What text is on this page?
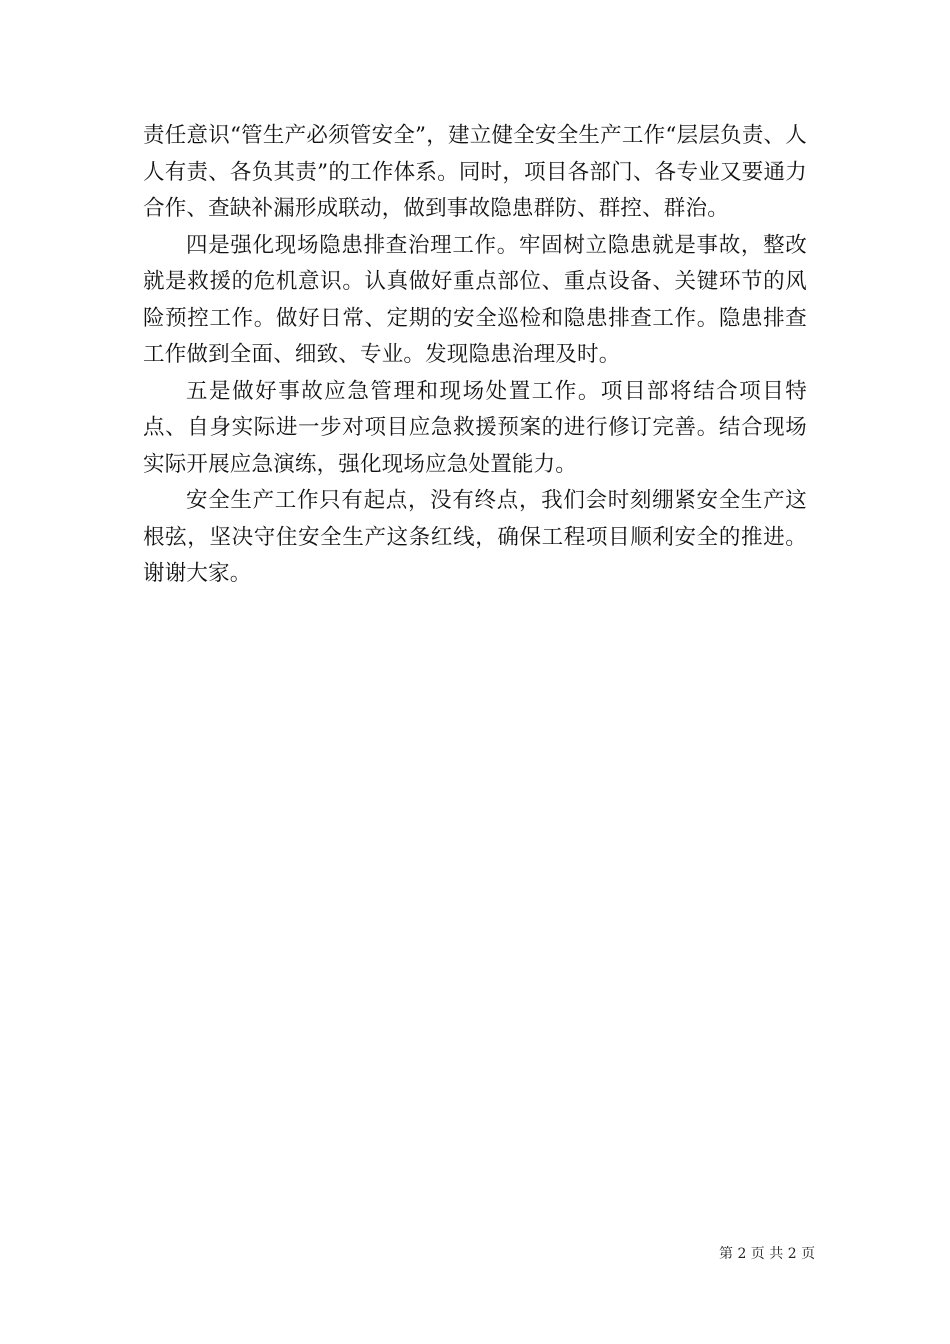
责任意识“管生产必须管安全”，建立健全安全生产工作“层层负责、人人有责、各负其责”的工作体系。同时，项目各部门、各专业又要通力合作、查缺补漏形成联动，做到事故隐患群防、群控、群治。

四是强化现场隐患排查治理工作。牢固树立隐患就是事故，整改就是救援的危机意识。认真做好重点部位、重点设备、关键环节的风险预控工作。做好日常、定期的安全巡检和隐患排查工作。隐患排查工作做到全面、细致、专业。发现隐患治理及时。

五是做好事故应急管理和现场处置工作。项目部将结合项目特点、自身实际进一步对项目应急救援预案的进行修订完善。结合现场实际开展应急演练，强化现场应急处置能力。

安全生产工作只有起点，没有终点，我们会时刻绷紧安全生产这根弦，坚决守住安全生产这条红线，确保工程项目顺利安全的推进。谢谢大家。

第 2 页 共 2 页
